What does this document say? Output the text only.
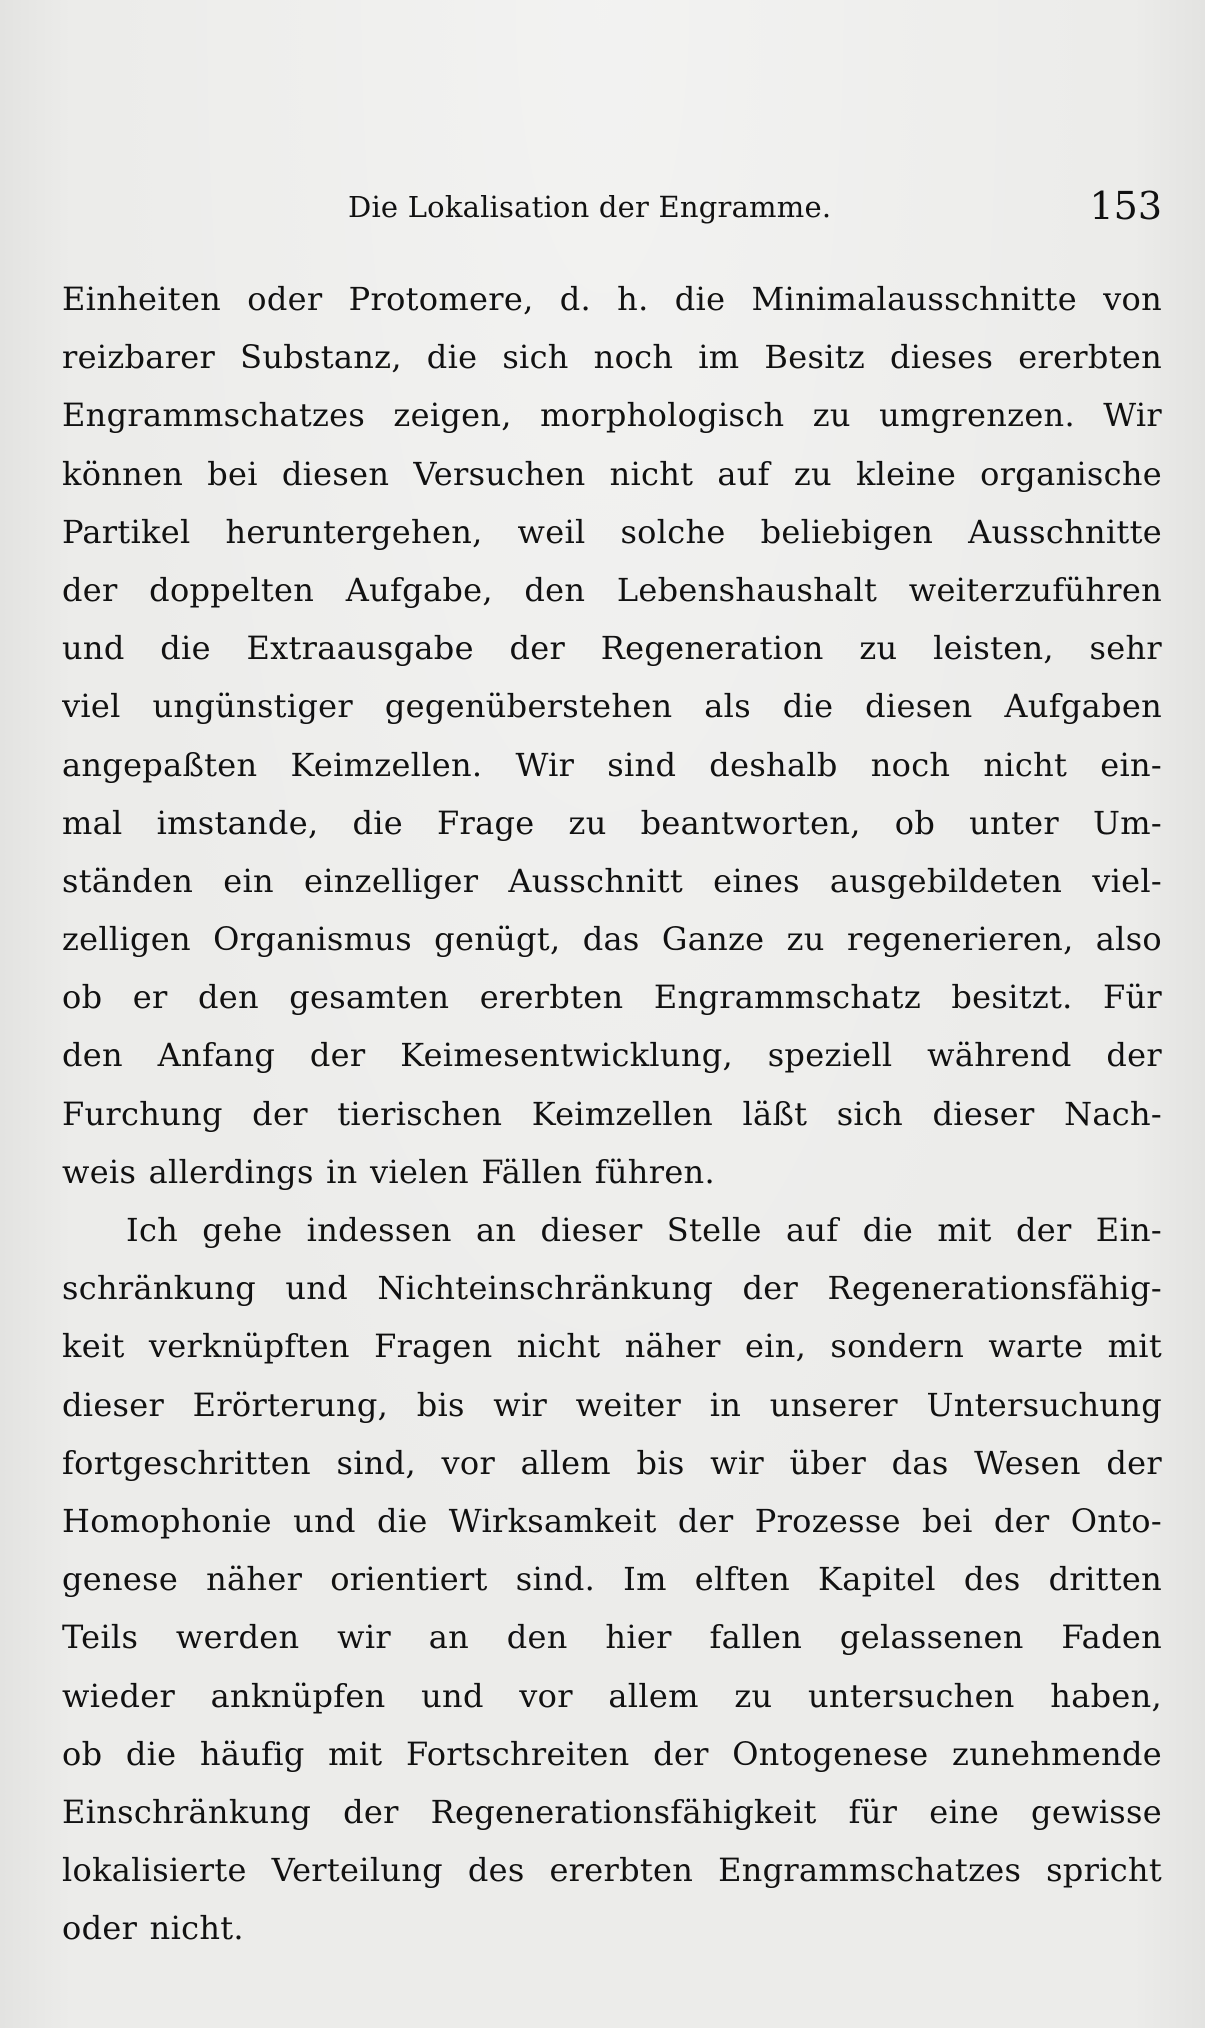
Die Lokalisation der Engramme.	153
Einheiten oder Protomere, d. h. die Minimalausschnitte von
reizbarer Substanz, die sich noch im Besitz dieses ererbten
Engrammschatzes zeigen, morphologisch zu umgrenzen. Wir
können bei diesen Versuchen nicht auf zu kleine organische
Partikel heruntergehen, weil solche beliebigen Ausschnitte
der doppelten Aufgabe, den Lebenshaushalt weiterzuführen
und die Extraausgabe der Regeneration zu leisten, sehr
viel ungünstiger gegenüberstehen als die diesen Aufgaben
angepaßten Keimzellen. Wir sind deshalb noch nicht ein-
mal imstande, die Frage zu beantworten, ob unter Um-
ständen ein einzelliger Ausschnitt eines ausgebildeten viel-
zelligen Organismus genügt, das Ganze zu regenerieren, also
ob er den gesamten ererbten Engrammschatz besitzt. Für
den Anfang der Keimesentwicklung, speziell während der
Furchung der tierischen Keimzellen läßt sich dieser Nach-
weis allerdings in vielen Fällen führen.
Ich gehe indessen an dieser Stelle auf die mit der Ein-
schränkung und Nichteinschränkung der Regenerationsfähig-
keit verknüpften Fragen nicht näher ein, sondern warte mit
dieser Erörterung, bis wir weiter in unserer Untersuchung
fortgeschritten sind, vor allem bis wir über das Wesen der
Homophonie und die Wirksamkeit der Prozesse bei der Onto-
genese näher orientiert sind. Im elften Kapitel des dritten
Teils werden wir an den hier fallen gelassenen Faden
wieder anknüpfen und vor allem zu untersuchen haben,
ob die häufig mit Fortschreiten der Ontogenese zunehmende
Einschränkung der Regenerationsfähigkeit für eine gewisse
lokalisierte Verteilung des ererbten Engrammschatzes spricht
oder nicht.
